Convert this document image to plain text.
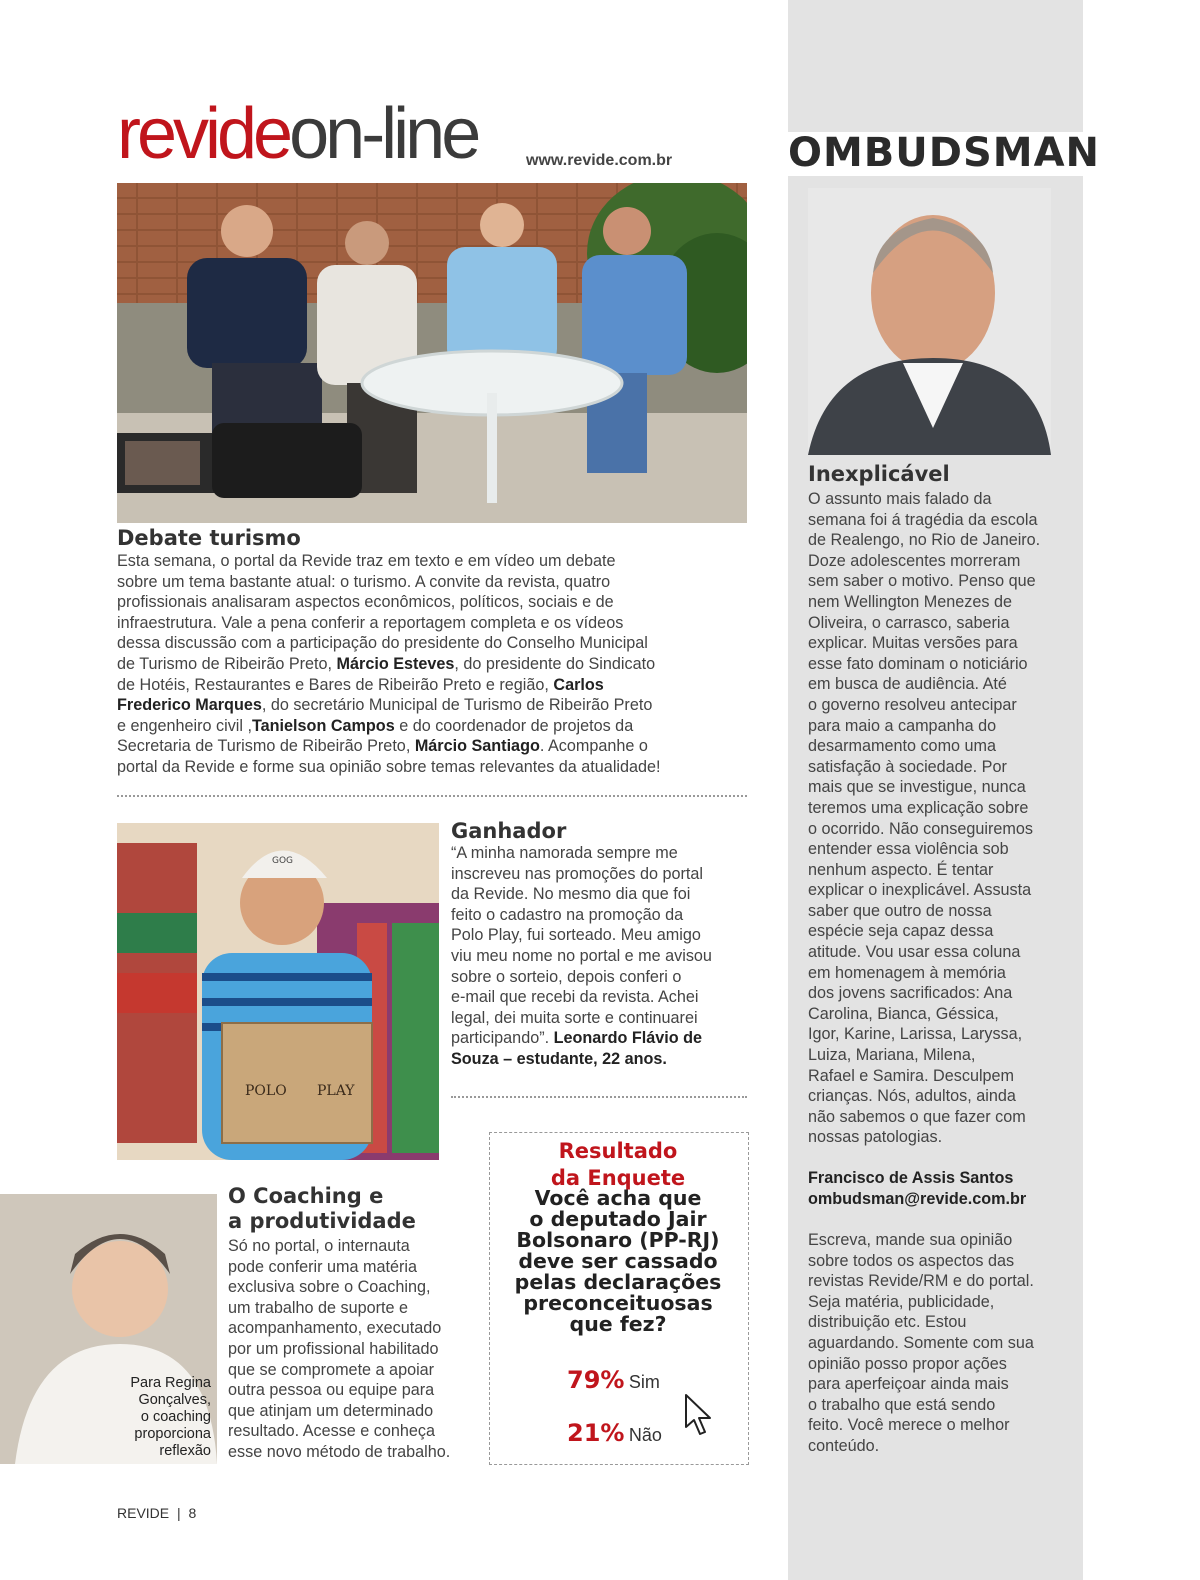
OMBUDSMAN
revideon-line	www.revide.com.br
Debate turismo
Esta semana, o portal da Revide traz em texto e em vídeo um debate
sobre um tema bastante atual: o turismo. A convite da revista, quatro
profissionais analisaram aspectos econômicos, políticos, sociais e de
infraestrutura. Vale a pena conferir a reportagem completa e os vídeos
dessa discussão com a participação do presidente do Conselho Municipal
de Turismo de Ribeirão Preto, Márcio Esteves, do presidente do Sindicato
de Hotéis, Restaurantes e Bares de Ribeirão Preto e região, Carlos
Frederico Marques, do secretário Municipal de Turismo de Ribeirão Preto
e engenheiro civil ,Tanielson Campos e do coordenador de projetos da
Secretaria de Turismo de Ribeirão Preto, Márcio Santiago. Acompanhe o
portal da Revide e forme sua opinião sobre temas relevantes da atualidade!
POLO PLAY
GOG
Ganhador
“A minha namorada sempre me
inscreveu nas promoções do portal
da Revide. No mesmo dia que foi
feito o cadastro na promoção da
Polo Play, fui sorteado. Meu amigo
viu meu nome no portal e me avisou
sobre o sorteio, depois conferi o
e-mail que recebi da revista. Achei
legal, dei muita sorte e continuarei
participando”. Leonardo Flávio de
Souza – estudante, 22 anos.
Para Regina
Gonçalves,
o coaching
proporciona
reflexão
O Coaching e
a produtividade
Só no portal, o internauta
pode conferir uma matéria
exclusiva sobre o Coaching,
um trabalho de suporte e
acompanhamento, executado
por um profissional habilitado
que se compromete a apoiar
outra pessoa ou equipe para
que atinjam um determinado
resultado. Acesse e conheça
esse novo método de trabalho.
Resultado
da Enquete
Você acha que
o deputado Jair
Bolsonaro (PP-RJ)
deve ser cassado
pelas declarações
preconceituosas
que fez?
79% Sim
21% Não
Inexplicável
O assunto mais falado da
semana foi á tragédia da escola
de Realengo, no Rio de Janeiro.
Doze adolescentes morreram
sem saber o motivo. Penso que
nem Wellington Menezes de
Oliveira, o carrasco, saberia
explicar. Muitas versões para
esse fato dominam o noticiário
em busca de audiência. Até
o governo resolveu antecipar
para maio a campanha do
desarmamento como uma
satisfação à sociedade. Por
mais que se investigue, nunca
teremos uma explicação sobre
o ocorrido. Não conseguiremos
entender essa violência sob
nenhum aspecto. É tentar
explicar o inexplicável. Assusta
saber que outro de nossa
espécie seja capaz dessa
atitude. Vou usar essa coluna
em homenagem à memória
dos jovens sacrificados: Ana
Carolina, Bianca, Géssica,
Igor, Karine, Larissa, Laryssa,
Luiza, Mariana, Milena,
Rafael e Samira. Desculpem
crianças. Nós, adultos, ainda
não sabemos o que fazer com
nossas patologias.
Francisco de Assis Santos
ombudsman@revide.com.br
Escreva, mande sua opinião
sobre todos os aspectos das
revistas Revide/RM e do portal.
Seja matéria, publicidade,
distribuição etc. Estou
aguardando. Somente com sua
opinião posso propor ações
para aperfeiçoar ainda mais
o trabalho que está sendo
feito. Você merece o melhor
conteúdo.
REVIDE | 8
